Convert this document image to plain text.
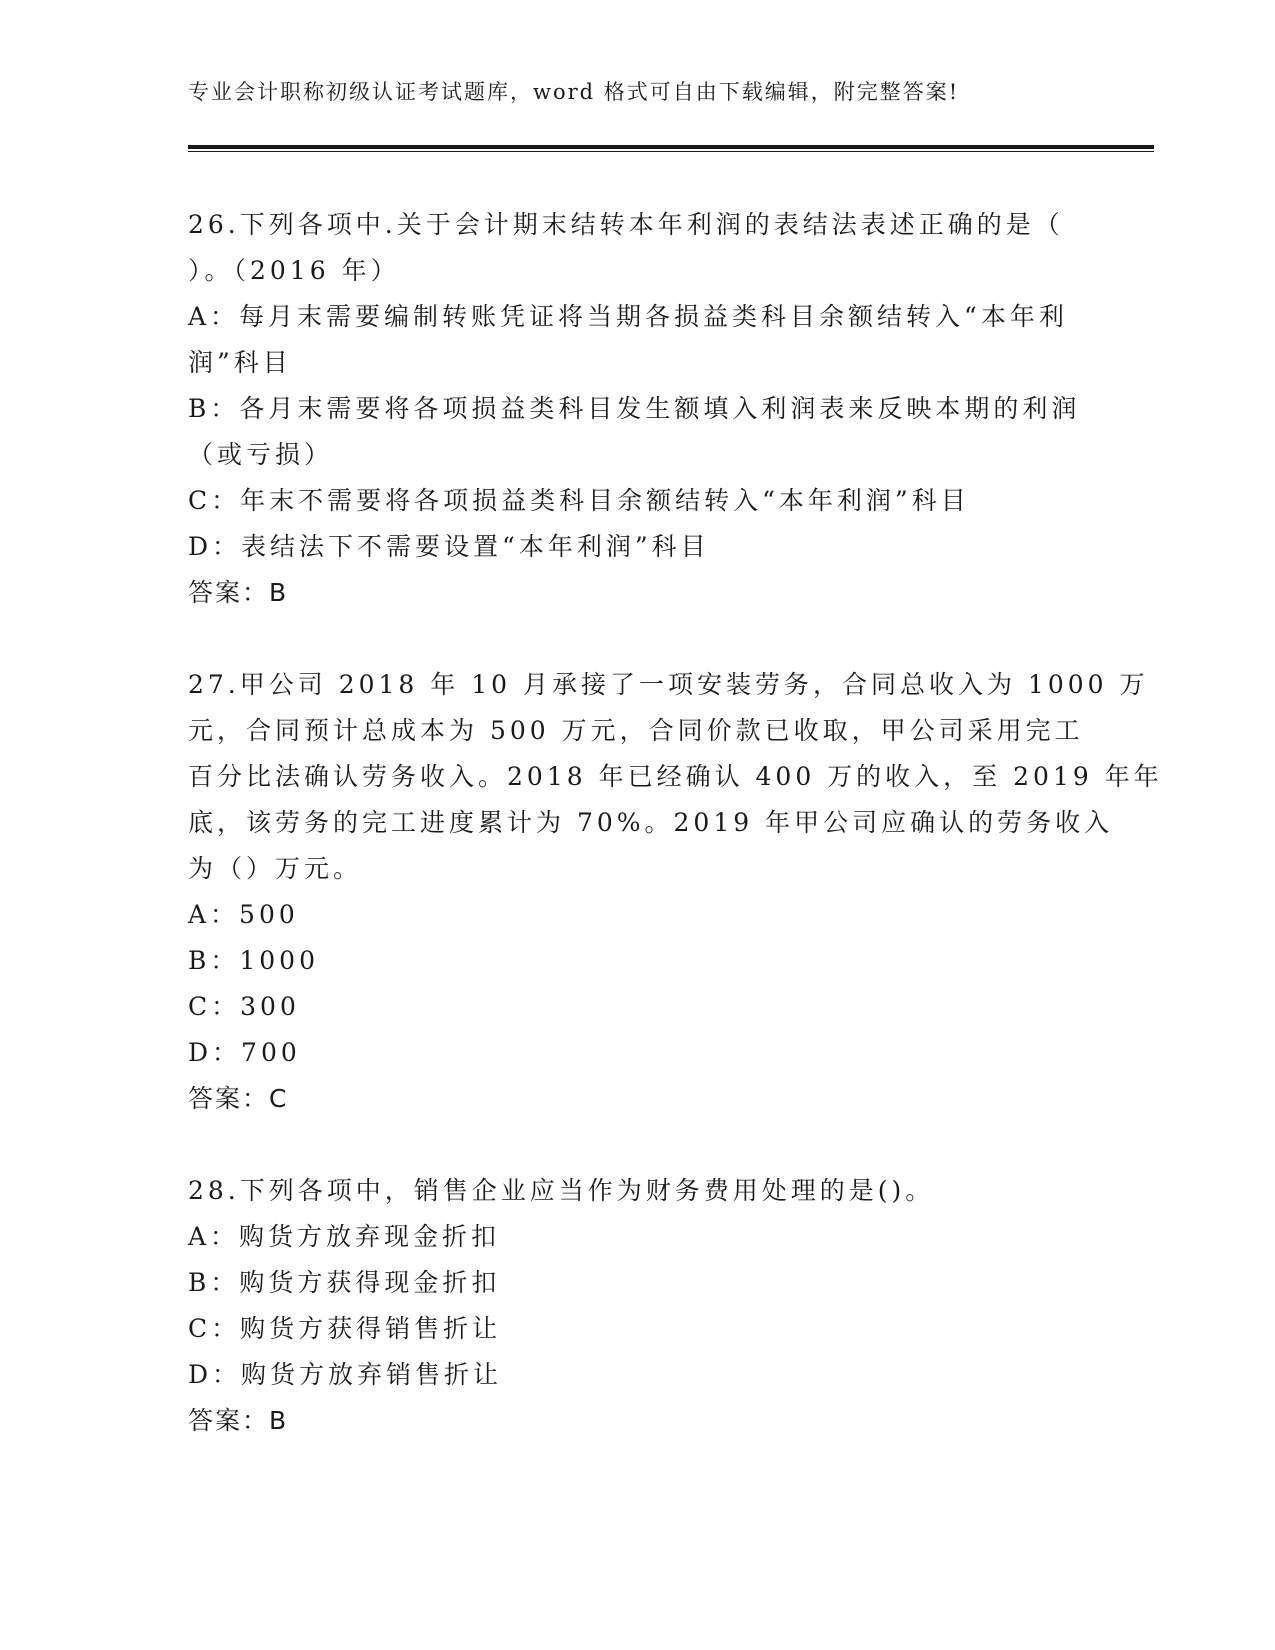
专业会计职称初级认证考试题库，word 格式可自由下载编辑，附完整答案!
26.下列各项中.关于会计期末结转本年利润的表结法表述正确的是（
）。（2016 年）
A：每月末需要编制转账凭证将当期各损益类科目余额结转入“本年利
润”科目
B：各月末需要将各项损益类科目发生额填入利润表来反映本期的利润
（或亏损）
C：年末不需要将各项损益类科目余额结转入“本年利润”科目
D：表结法下不需要设置“本年利润”科目
答案：B
27.甲公司 2018 年 10 月承接了一项安装劳务，合同总收入为 1000 万
元，合同预计总成本为 500 万元，合同价款已收取，甲公司采用完工
百分比法确认劳务收入。2018 年已经确认 400 万的收入，至 2019 年年
底，该劳务的完工进度累计为 70%。2019 年甲公司应确认的劳务收入
为（）万元。
A：500
B：1000
C：300
D：700
答案：C
28.下列各项中，销售企业应当作为财务费用处理的是()。
A：购货方放弃现金折扣
B：购货方获得现金折扣
C：购货方获得销售折让
D：购货方放弃销售折让
答案：B
